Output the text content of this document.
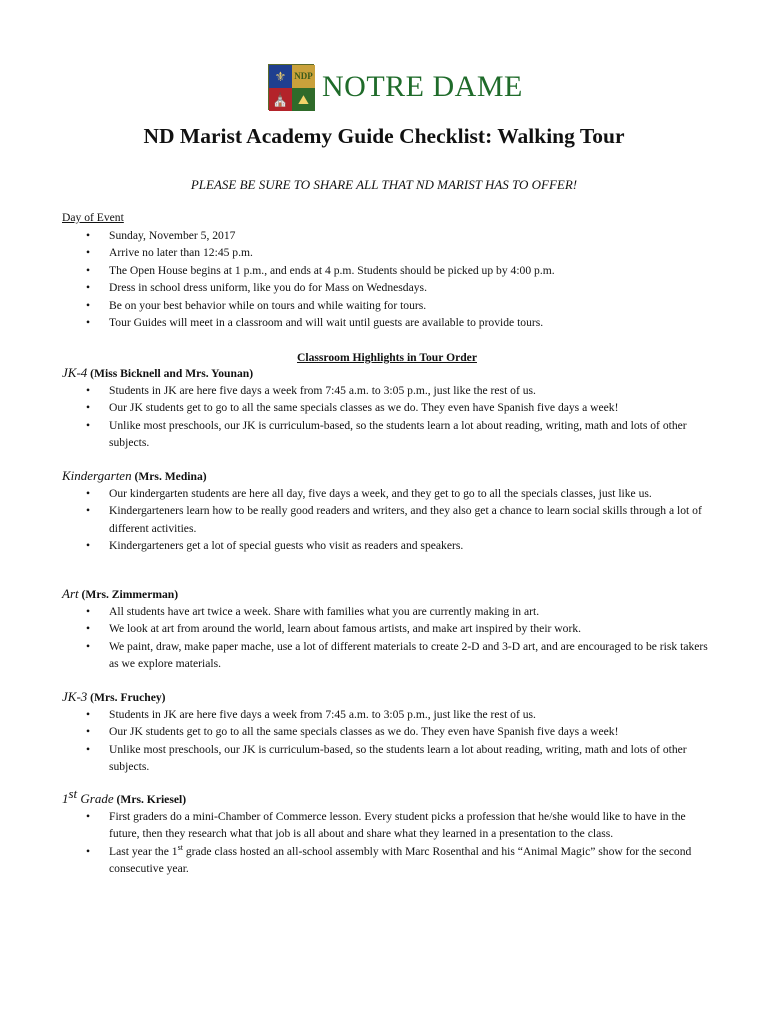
⚜ NDP
⛪ ⛰ NOTRE DAME
ND Marist Academy Guide Checklist: Walking Tour
PLEASE BE SURE TO SHARE ALL THAT ND MARIST HAS TO OFFER!
Day of Event
• Sunday, November 5, 2017
• Arrive no later than 12:45 p.m.
• The Open House begins at 1 p.m., and ends at 4 p.m. Students should be picked up by 4:00 p.m.
• Dress in school dress uniform, like you do for Mass on Wednesdays.
• Be on your best behavior while on tours and while waiting for tours.
• Tour Guides will meet in a classroom and will wait until guests are available to provide tours.
Classroom Highlights in Tour Order
JK-4 (Miss Bicknell and Mrs. Younan)
• Students in JK are here five days a week from 7:45 a.m. to 3:05 p.m., just like the rest of us.
• Our JK students get to go to all the same specials classes as we do. They even have Spanish five days a week!
• Unlike most preschools, our JK is curriculum-based, so the students learn a lot about reading, writing, math and lots of other subjects.
Kindergarten (Mrs. Medina)
• Our kindergarten students are here all day, five days a week, and they get to go to all the specials classes, just like us.
• Kindergarteners learn how to be really good readers and writers, and they also get a chance to learn social skills through a lot of different activities.
• Kindergarteners get a lot of special guests who visit as readers and speakers.
Art (Mrs. Zimmerman)
• All students have art twice a week. Share with families what you are currently making in art.
• We look at art from around the world, learn about famous artists, and make art inspired by their work.
• We paint, draw, make paper mache, use a lot of different materials to create 2-D and 3-D art, and are encouraged to be risk takers as we explore materials.
JK-3 (Mrs. Fruchey)
• Students in JK are here five days a week from 7:45 a.m. to 3:05 p.m., just like the rest of us.
• Our JK students get to go to all the same specials classes as we do. They even have Spanish five days a week!
• Unlike most preschools, our JK is curriculum-based, so the students learn a lot about reading, writing, math and lots of other subjects.
1st Grade (Mrs. Kriesel)
• First graders do a mini-Chamber of Commerce lesson. Every student picks a profession that he/she would like to have in the future, then they research what that job is all about and share what they learned in a presentation to the class.
• Last year the 1st grade class hosted an all-school assembly with Marc Rosenthal and his “Animal Magic” show for the second consecutive year.
